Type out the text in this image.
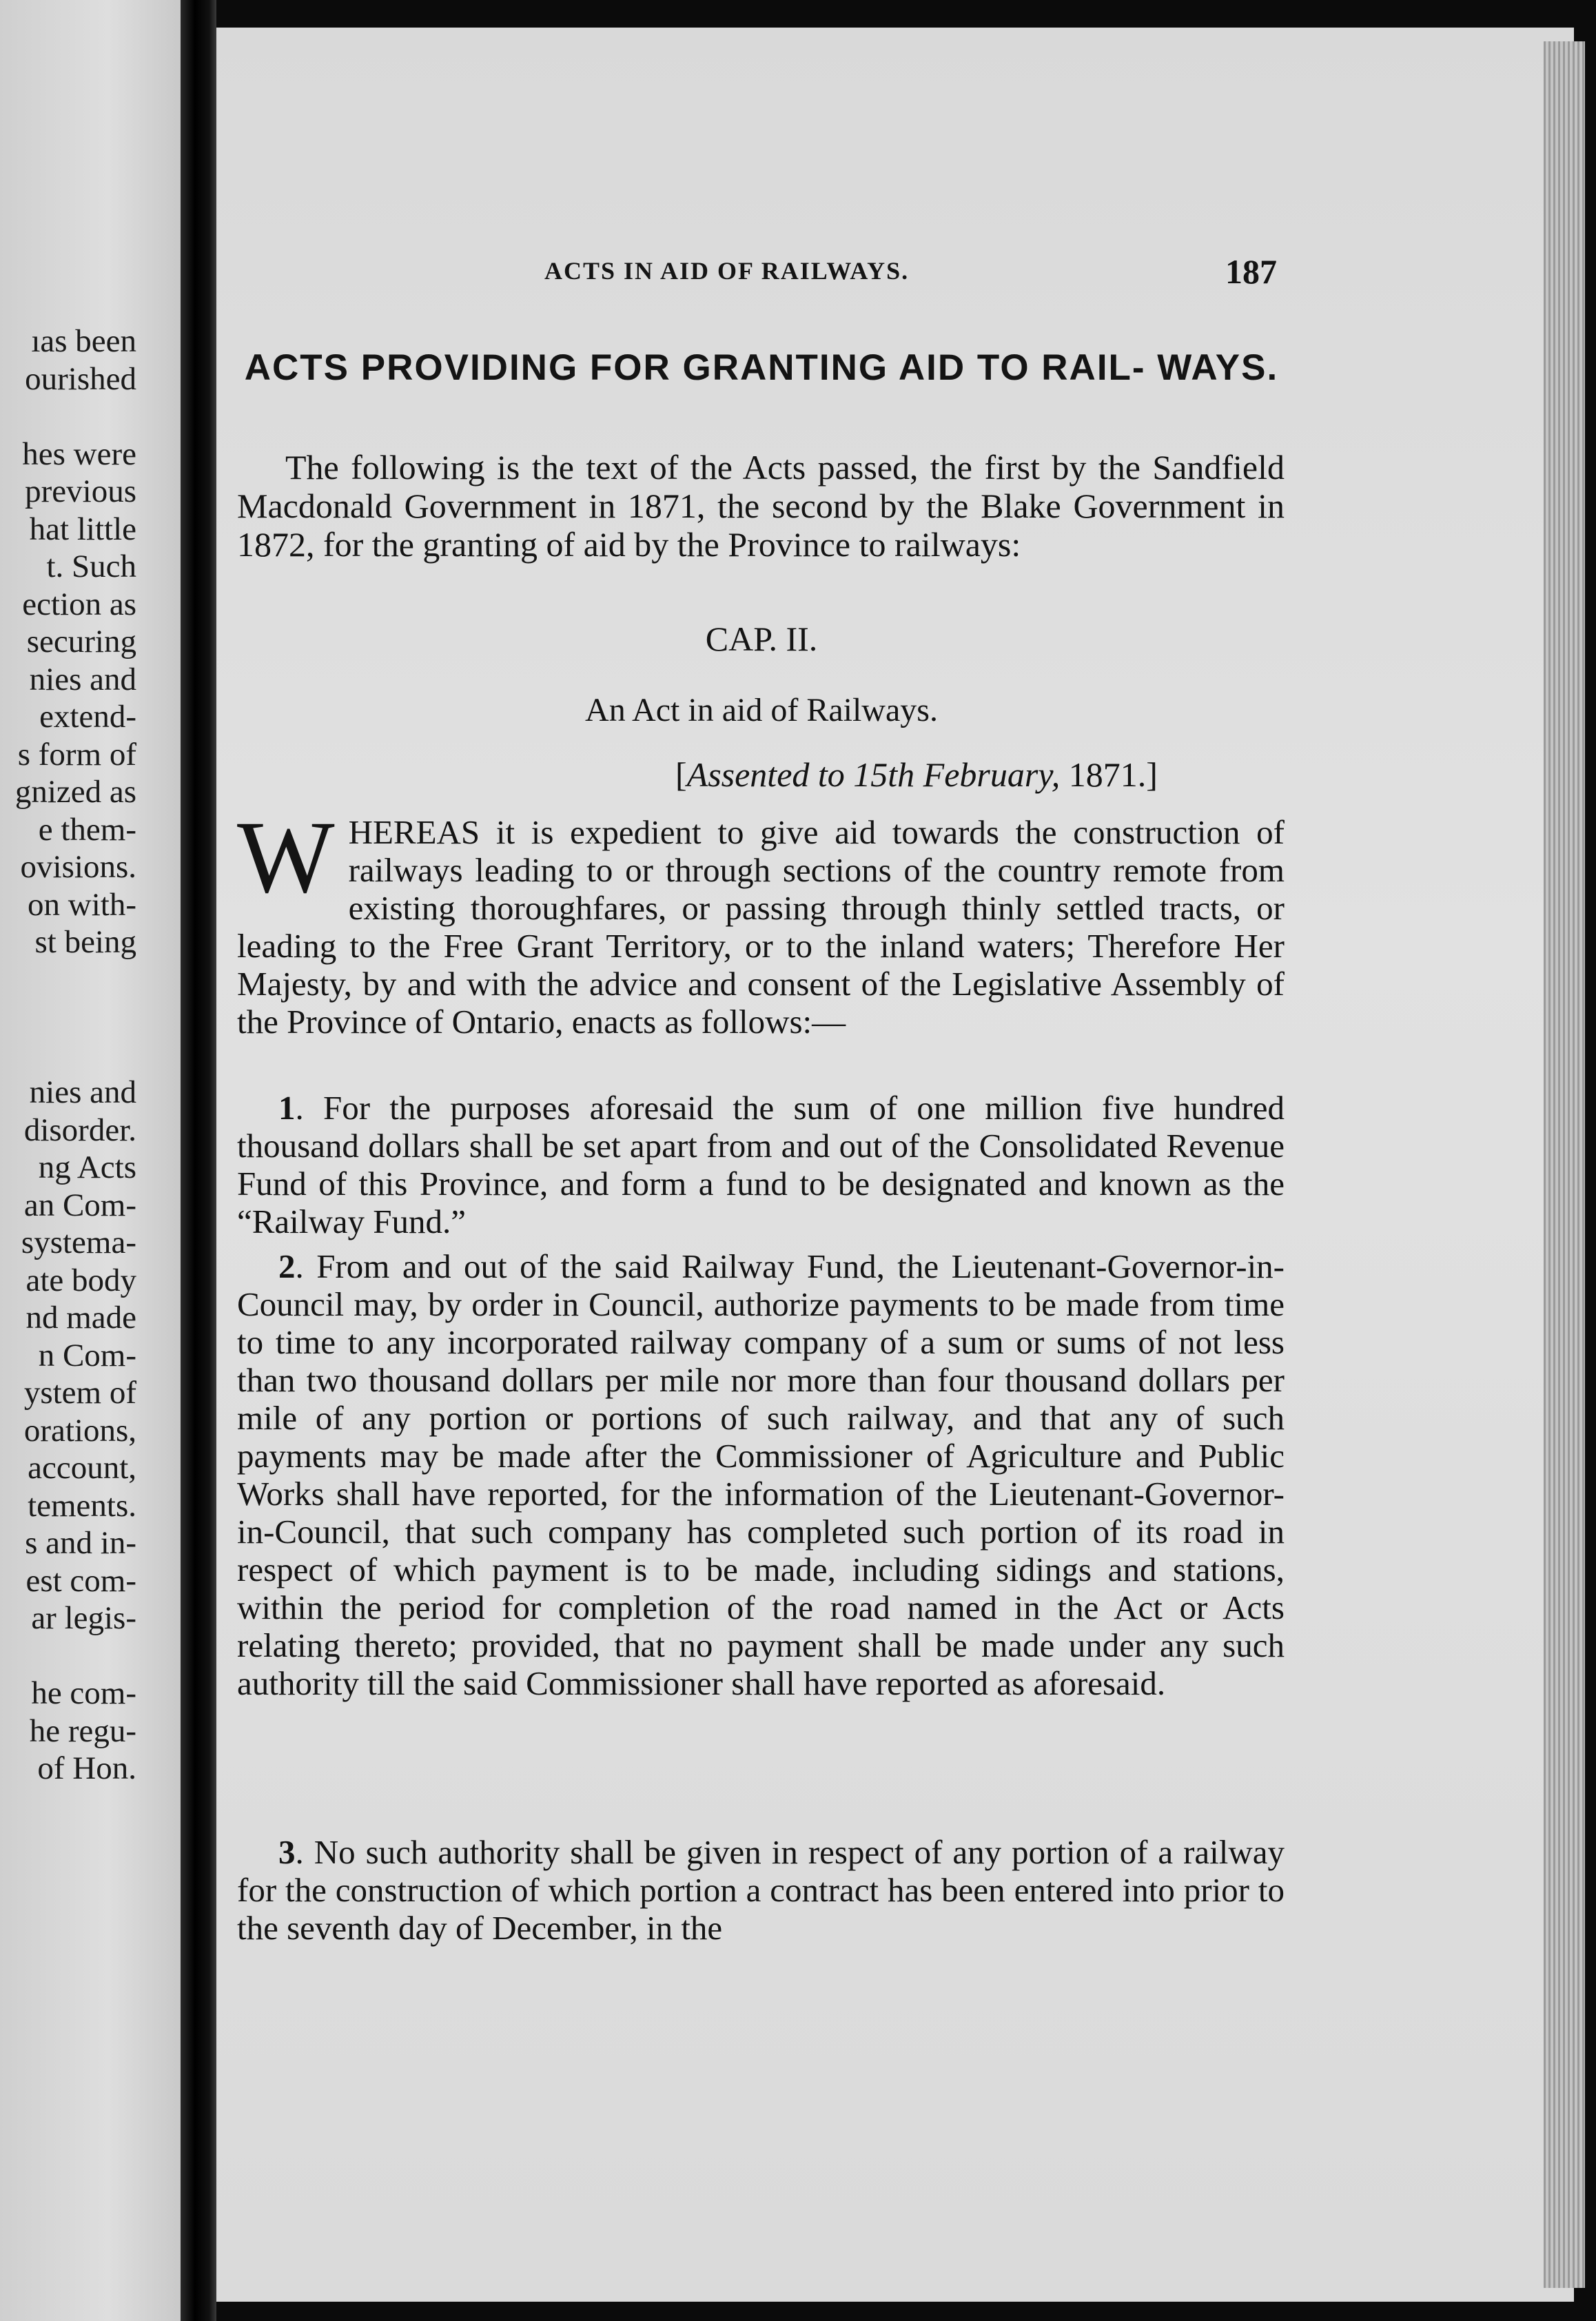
ıas been
ourished
hes were
previous
hat little
t. Such
ection as
securing
nies and
extend-
s form of
gnized as
e them-
ovisions.
on with-
st being
nies and
disorder.
ng Acts
an Com-
systema-
ate body
nd made
n Com-
ystem of
orations,
account,
tements.
s and in-
est com-
ar legis-
he com-
he regu-
of Hon.
ACTS IN AID OF RAILWAYS.	187
ACTS PROVIDING FOR GRANTING AID TO RAIL- WAYS.
The following is the text of the Acts passed, the first by the Sandfield Macdonald Government in 1871, the second by the Blake Government in 1872, for the granting of aid by the Province to railways:
CAP. II.
An Act in aid of Railways.
[Assented to 15th February, 1871.]
WHEREAS it is expedient to give aid towards the construction of railways leading to or through sections of the country remote from existing thoroughfares, or passing through thinly settled tracts, or leading to the Free Grant Territory, or to the inland waters; Therefore Her Majesty, by and with the advice and consent of the Legislative Assembly of the Province of Ontario, enacts as follows:—
1. For the purposes aforesaid the sum of one million five hundred thousand dollars shall be set apart from and out of the Consolidated Revenue Fund of this Province, and form a fund to be designated and known as the “Railway Fund.”
2. From and out of the said Railway Fund, the Lieutenant-Governor-in-Council may, by order in Council, authorize payments to be made from time to time to any incorporated railway company of a sum or sums of not less than two thousand dollars per mile nor more than four thousand dollars per mile of any portion or portions of such railway, and that any of such payments may be made after the Commissioner of Agriculture and Public Works shall have reported, for the information of the Lieutenant-Governor-in-Council, that such company has completed such portion of its road in respect of which payment is to be made, including sidings and stations, within the period for completion of the road named in the Act or Acts relating thereto; provided, that no payment shall be made under any such authority till the said Commissioner shall have reported as aforesaid.
3. No such authority shall be given in respect of any portion of a railway for the construction of which portion a contract has been entered into prior to the seventh day of December, in the
